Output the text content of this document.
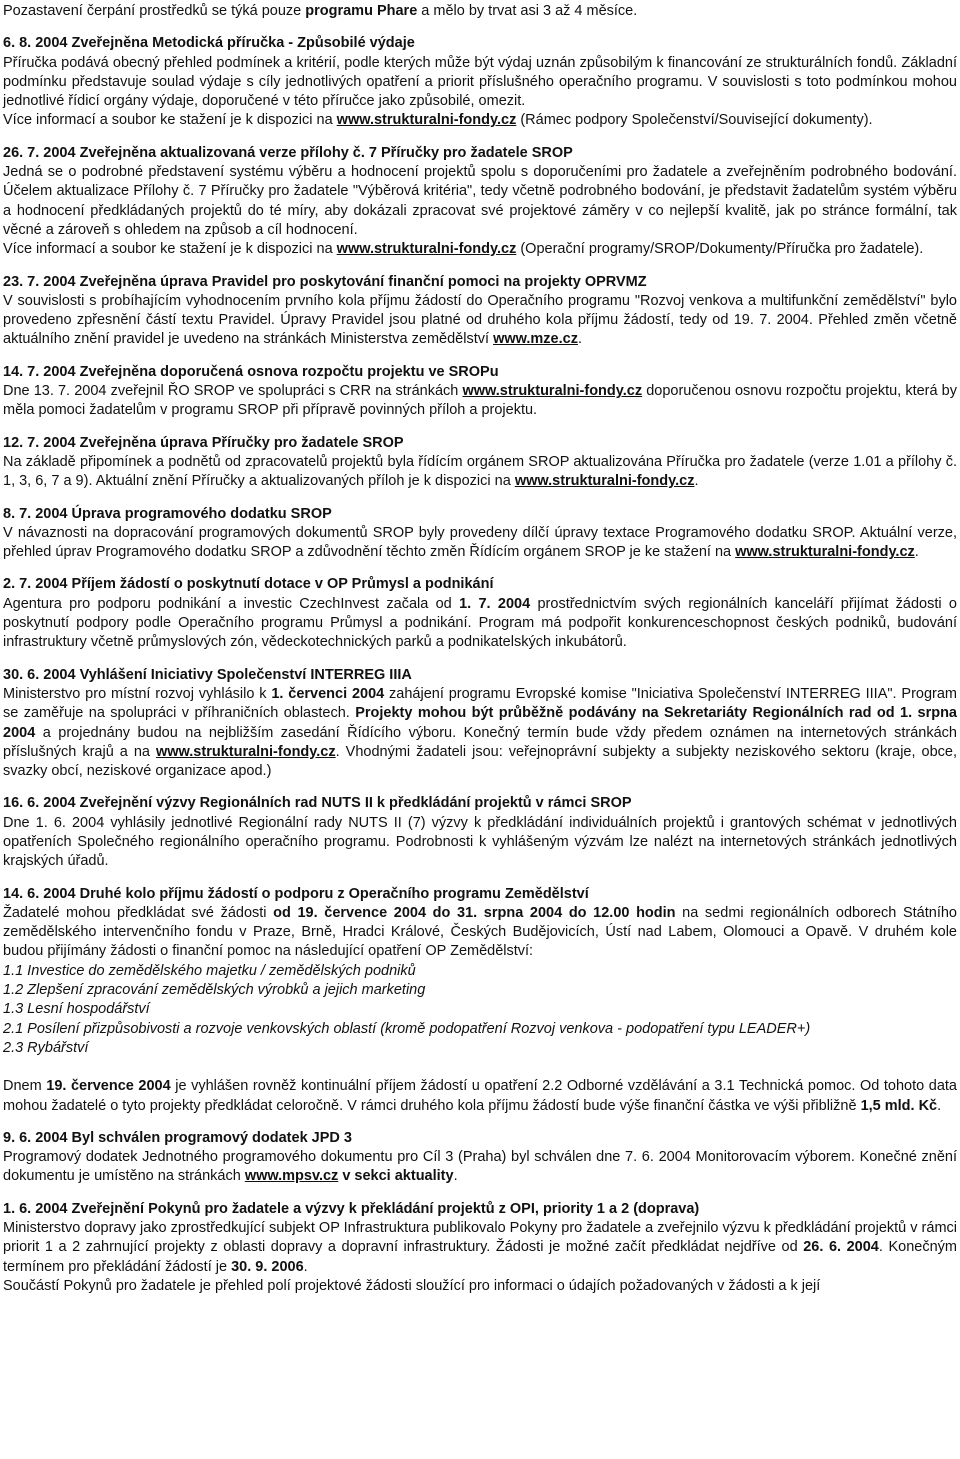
Pozastavení čerpání prostředků se týká pouze programu Phare a mělo by trvat asi 3 až 4 měsíce.
6. 8. 2004 Zveřejněna Metodická příručka - Způsobilé výdaje
Příručka podává obecný přehled podmínek a kritérií, podle kterých může být výdaj uznán způsobilým k financování ze strukturálních fondů. Základní podmínku představuje soulad výdaje s cíly jednotlivých opatření a priorit příslušného operačního programu. V souvislosti s toto podmínkou mohou jednotlivé řídicí orgány výdaje, doporučené v této příručce jako způsobilé, omezit.
Více informací a soubor ke stažení je k dispozici na www.strukturalni-fondy.cz (Rámec podpory Společenství/Související dokumenty).
26. 7. 2004 Zveřejněna aktualizovaná verze přílohy č. 7 Příručky pro žadatele SROP
Jedná se o podrobné představení systému výběru a hodnocení projektů spolu s doporučeními pro žadatele a zveřejněním podrobného bodování. Účelem aktualizace Přílohy č. 7 Příručky pro žadatele "Výběrová kritéria", tedy včetně podrobného bodování, je představit žadatelům systém výběru a hodnocení předkládaných projektů do té míry, aby dokázali zpracovat své projektové záměry v co nejlepší kvalitě, jak po stránce formální, tak věcné a zároveň s ohledem na způsob a cíl hodnocení.
Více informací a soubor ke stažení je k dispozici na www.strukturalni-fondy.cz (Operační programy/SROP/Dokumenty/Příručka pro žadatele).
23. 7. 2004 Zveřejněna úprava Pravidel pro poskytování finanční pomoci na projekty OPRVMZ
V souvislosti s probíhajícím vyhodnocením prvního kola příjmu žádostí do Operačního programu "Rozvoj venkova a multifunkční zemědělství" bylo provedeno zpřesnění částí textu Pravidel. Úpravy Pravidel jsou platné od druhého kola příjmu žádostí, tedy od 19. 7. 2004. Přehled změn včetně aktuálního znění pravidel je uvedeno na stránkách Ministerstva zemědělství www.mze.cz.
14. 7. 2004 Zveřejněna doporučená osnova rozpočtu projektu ve SROPu
Dne 13. 7. 2004 zveřejnil ŘO SROP ve spolupráci s CRR na stránkách www.strukturalni-fondy.cz doporučenou osnovu rozpočtu projektu, která by měla pomoci žadatelům v programu SROP při přípravě povinných příloh a projektu.
12. 7. 2004 Zveřejněna úprava Příručky pro žadatele SROP
Na základě připomínek a podnětů od zpracovatelů projektů byla řídícím orgánem SROP aktualizována Příručka pro žadatele (verze 1.01 a přílohy č. 1, 3, 6, 7 a 9). Aktuální znění Příručky a aktualizovaných příloh je k dispozici na www.strukturalni-fondy.cz.
8. 7. 2004 Úprava programového dodatku SROP
V návaznosti na dopracování programových dokumentů SROP byly provedeny dílčí úpravy textace Programového dodatku SROP. Aktuální verze, přehled úprav Programového dodatku SROP a zdůvodnění těchto změn Řídícím orgánem SROP je ke stažení na www.strukturalni-fondy.cz.
2. 7. 2004 Příjem žádostí o poskytnutí dotace v OP Průmysl a podnikání
Agentura pro podporu podnikání a investic CzechInvest začala od 1. 7. 2004 prostřednictvím svých regionálních kanceláří přijímat žádosti o poskytnutí podpory podle Operačního programu Průmysl a podnikání. Program má podpořit konkurenceschopnost českých podniků, budování infrastruktury včetně průmyslových zón, vědeckotechnických parků a podnikatelských inkubátorů.
30. 6. 2004 Vyhlášení Iniciativy Společenství INTERREG IIIA
Ministerstvo pro místní rozvoj vyhlásilo k 1. červenci 2004 zahájení programu Evropské komise "Iniciativa Společenství INTERREG IIIA". Program se zaměřuje na spolupráci v příhraničních oblastech. Projekty mohou být průběžně podávány na Sekretariáty Regionálních rad od 1. srpna 2004 a projednány budou na nejbližším zasedání Řídícího výboru. Konečný termín bude vždy předem oznámen na internetových stránkách příslušných krajů a na www.strukturalni-fondy.cz. Vhodnými žadateli jsou: veřejnoprávní subjekty a subjekty neziskového sektoru (kraje, obce, svazky obcí, neziskové organizace apod.)
16. 6. 2004 Zveřejnění výzvy Regionálních rad NUTS II k předkládání projektů v rámci SROP
Dne 1. 6. 2004 vyhlásily jednotlivé Regionální rady NUTS II (7) výzvy k předkládání individuálních projektů i grantových schémat v jednotlivých opatřeních Společného regionálního operačního programu. Podrobnosti k vyhlášeným výzvám lze nalézt na internetových stránkách jednotlivých krajských úřadů.
14. 6. 2004 Druhé kolo příjmu žádostí o podporu z Operačního programu Zemědělství
Žadatelé mohou předkládat své žádosti od 19. července 2004 do 31. srpna 2004 do 12.00 hodin na sedmi regionálních odborech Státního zemědělského intervenčního fondu v Praze, Brně, Hradci Králové, Českých Budějovicích, Ústí nad Labem, Olomouci a Opavě. V druhém kole budou přijímány žádosti o finanční pomoc na následující opatření OP Zemědělství:
1.1 Investice do zemědělského majetku / zemědělských podniků
1.2 Zlepšení zpracování zemědělských výrobků a jejich marketing
1.3 Lesní hospodářství
2.1 Posílení přizpůsobivosti a rozvoje venkovských oblastí (kromě podopatření Rozvoj venkova - podopatření typu LEADER+)
2.3 Rybářství
Dnem 19. července 2004 je vyhlášen rovněž kontinuální příjem žádostí u opatření 2.2 Odborné vzdělávání a 3.1 Technická pomoc. Od tohoto data mohou žadatelé o tyto projekty předkládat celoročně. V rámci druhého kola příjmu žádostí bude výše finanční částka ve výši přibližně 1,5 mld. Kč.
9. 6. 2004 Byl schválen programový dodatek JPD 3
Programový dodatek Jednotného programového dokumentu pro Cíl 3 (Praha) byl schválen dne 7. 6. 2004 Monitorovacím výborem. Konečné znění dokumentu je umístěno na stránkách www.mpsv.cz v sekci aktuality.
1. 6. 2004 Zveřejnění Pokynů pro žadatele a výzvy k překládání projektů z OPI, priority 1 a 2 (doprava)
Ministerstvo dopravy jako zprostředkující subjekt OP Infrastruktura publikovalo Pokyny pro žadatele a zveřejnilo výzvu k předkládání projektů v rámci priorit 1 a 2 zahrnující projekty z oblasti dopravy a dopravní infrastruktury. Žádosti je možné začít předkládat nejdříve od 26. 6. 2004. Konečným termínem pro překládání žádostí je 30. 9. 2006.
Součástí Pokynů pro žadatele je přehled polí projektové žádosti sloužící pro informaci o údajích požadovaných v žádosti a k její
